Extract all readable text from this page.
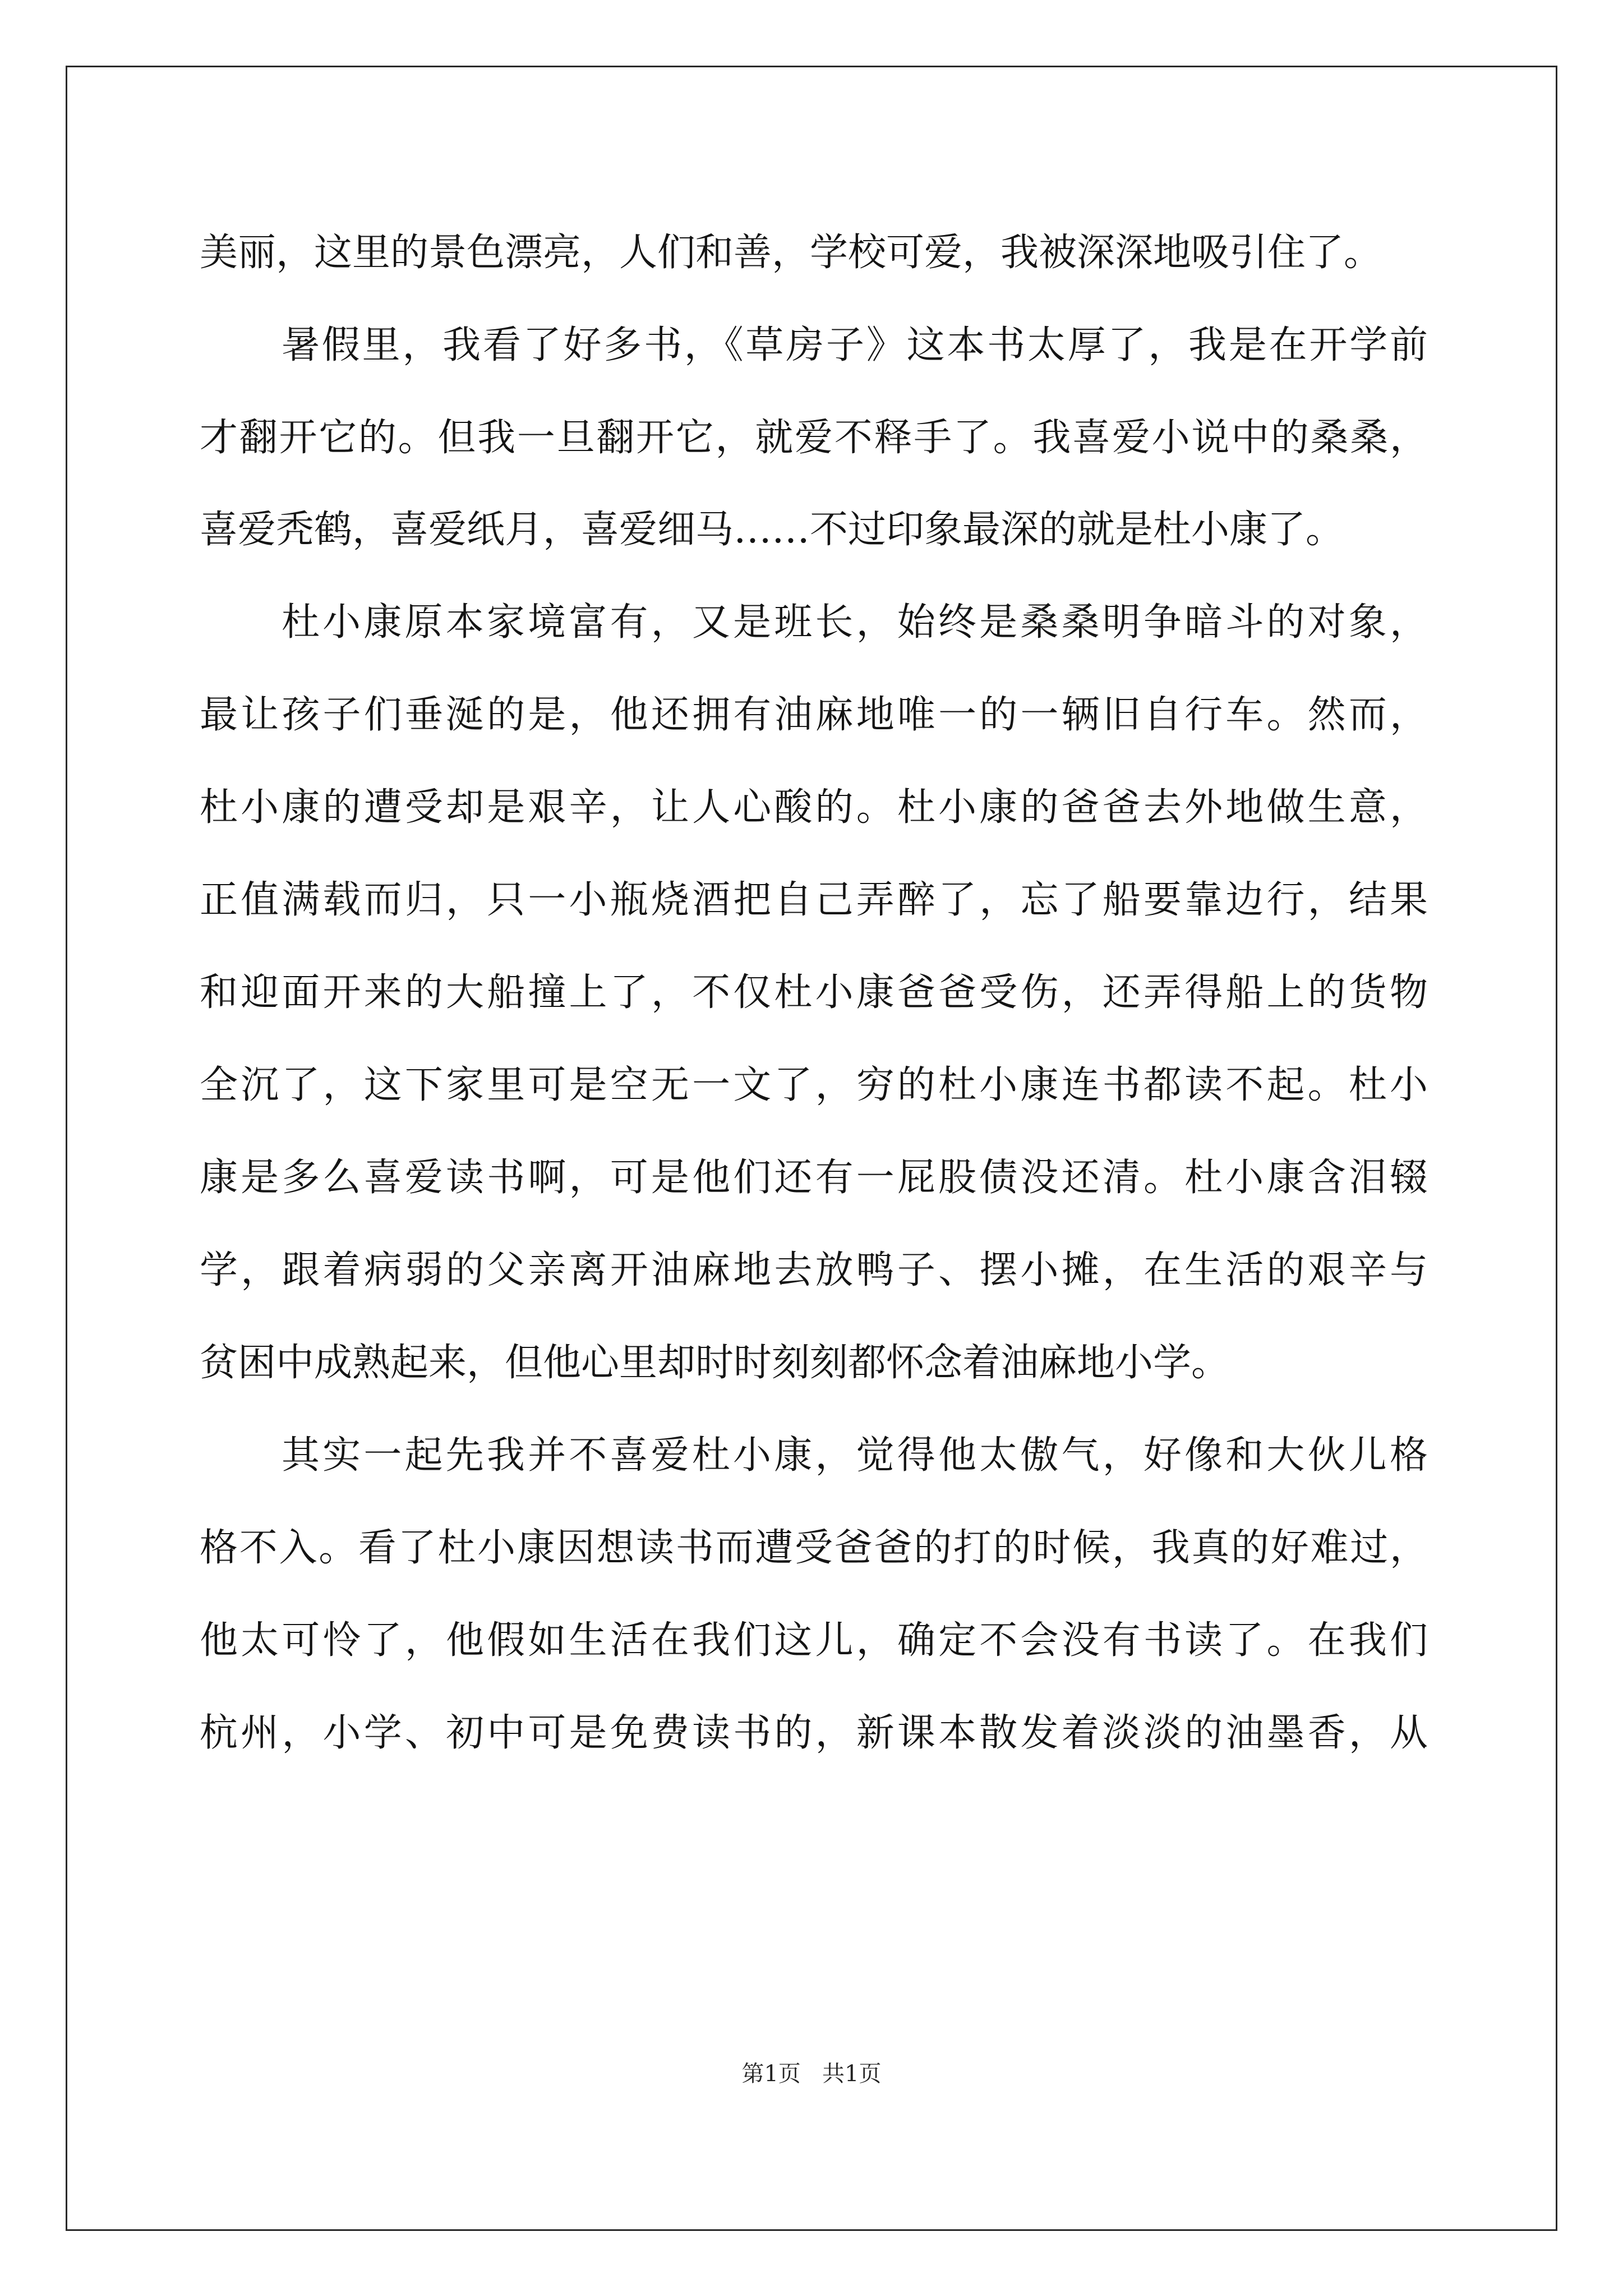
美丽，这里的景色漂亮，人们和善，学校可爱，我被深深地吸引住了。
暑假里，我看了好多书，《草房子》这本书太厚了，我是在开学前
才翻开它的。但我一旦翻开它，就爱不释手了。我喜爱小说中的桑桑，
喜爱秃鹤，喜爱纸月，喜爱细马……不过印象最深的就是杜小康了。
杜小康原本家境富有，又是班长，始终是桑桑明争暗斗的对象，
最让孩子们垂涎的是，他还拥有油麻地唯一的一辆旧自行车。然而，
杜小康的遭受却是艰辛，让人心酸的。杜小康的爸爸去外地做生意，
正值满载而归，只一小瓶烧酒把自己弄醉了，忘了船要靠边行，结果
和迎面开来的大船撞上了，不仅杜小康爸爸受伤，还弄得船上的货物
全沉了，这下家里可是空无一文了，穷的杜小康连书都读不起。杜小
康是多么喜爱读书啊，可是他们还有一屁股债没还清。杜小康含泪辍
学，跟着病弱的父亲离开油麻地去放鸭子、摆小摊，在生活的艰辛与
贫困中成熟起来，但他心里却时时刻刻都怀念着油麻地小学。
其实一起先我并不喜爱杜小康，觉得他太傲气，好像和大伙儿格
格不入。看了杜小康因想读书而遭受爸爸的打的时候，我真的好难过，
他太可怜了，他假如生活在我们这儿，确定不会没有书读了。在我们
杭州，小学、初中可是免费读书的，新课本散发着淡淡的油墨香，从
第1页   共1页
